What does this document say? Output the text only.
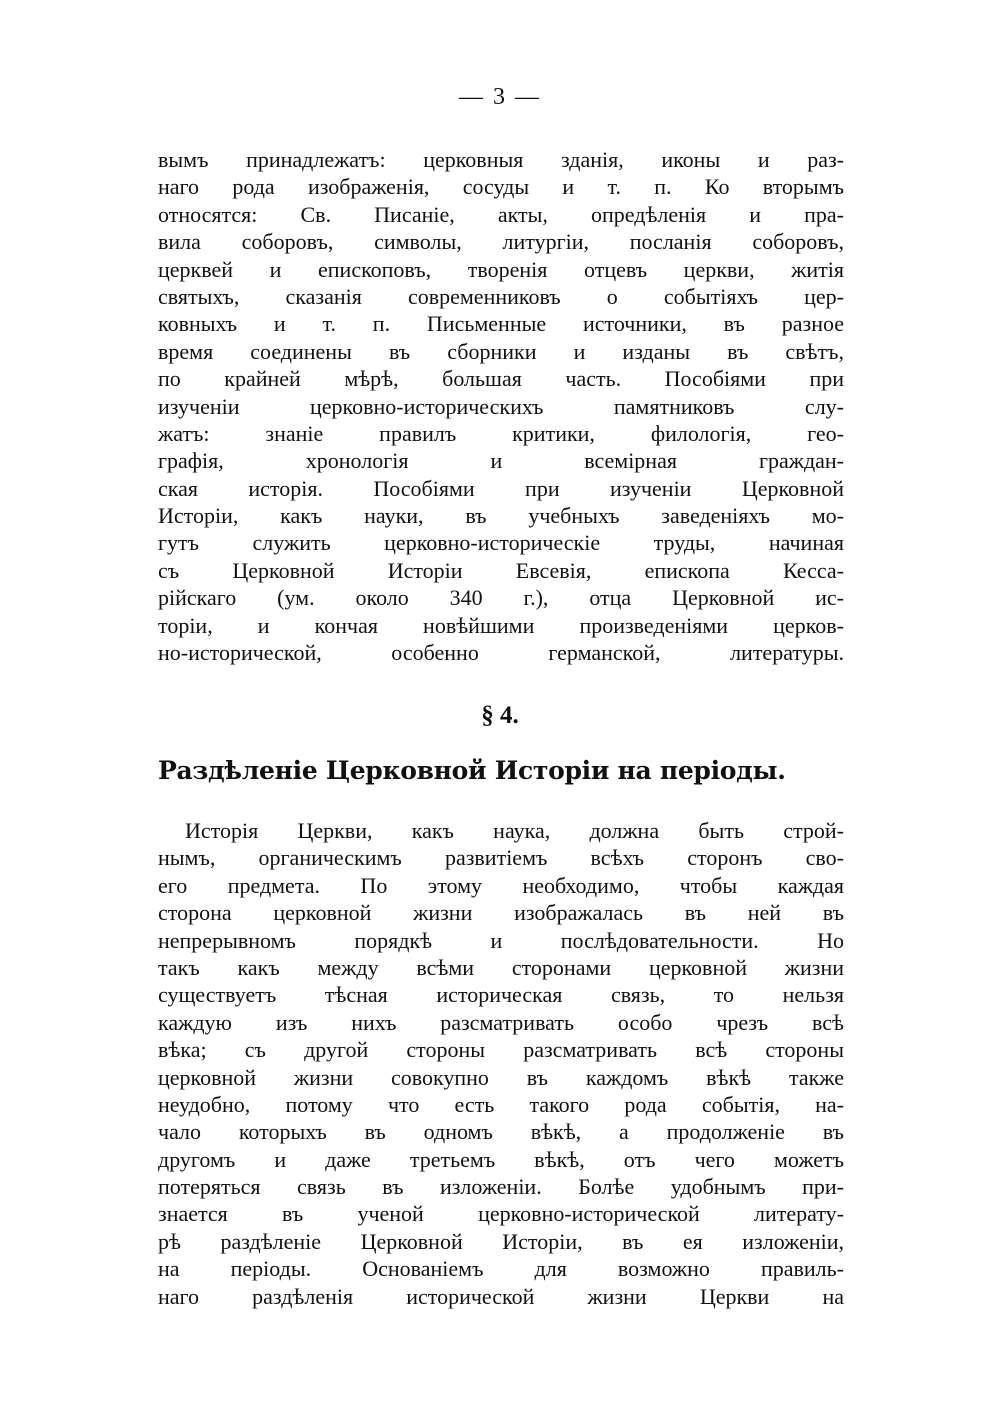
— 3 —
вымъ принадлежатъ: церковныя зданія, иконы и раз-
наго рода изображенія, сосуды и т. п. Ко вторымъ
относятся: Св. Писаніе, акты, опредѣленія и пра-
вила соборовъ, символы, литургіи, посланія соборовъ,
церквей и епископовъ, творенія отцевъ церкви, житія
святыхъ, сказанія современниковъ о событіяхъ цер-
ковныхъ и т. п. Письменные источники, въ разное
время соединены въ сборники и изданы въ свѣтъ,
по крайней мѣрѣ, большая часть. Пособіями при
изученіи церковно-историческихъ памятниковъ слу-
жатъ: знаніе правилъ критики, филологія, гео-
графія, хронологія и всемірная граждан-
ская исторія. Пособіями при изученіи Церковной
Исторіи, какъ науки, въ учебныхъ заведеніяхъ мо-
гутъ служить церковно-историческіе труды, начиная
съ Церковной Исторіи Евсевія, епископа Кесса-
рійскаго (ум. около 340 г.), отца Церковной ис-
торіи, и кончая новѣйшими произведеніями церков-
но-исторической, особенно германской, литературы.
§ 4.
Раздѣленіе Церковной Исторіи на періоды.
Исторія Церкви, какъ наука, должна быть строй-
нымъ, органическимъ развитіемъ всѣхъ сторонъ сво-
его предмета. По этому необходимо, чтобы каждая
сторона церковной жизни изображалась въ ней въ
непрерывномъ порядкѣ и послѣдовательности. Но
такъ какъ между всѣми сторонами церковной жизни
существуетъ тѣсная историческая связь, то нельзя
каждую изъ нихъ разсматривать особо чрезъ всѣ
вѣка; съ другой стороны разсматривать всѣ стороны
церковной жизни совокупно въ каждомъ вѣкѣ также
неудобно, потому что есть такого рода событія, на-
чало которыхъ въ одномъ вѣкѣ, а продолженіе въ
другомъ и даже третьемъ вѣкѣ, отъ чего можетъ
потеряться связь въ изложеніи. Болѣе удобнымъ при-
знается въ ученой церковно-исторической литерату-
рѣ раздѣленіе Церковной Исторіи, въ ея изложеніи,
на періоды. Основаніемъ для возможно правиль-
наго раздѣленія исторической жизни Церкви на
